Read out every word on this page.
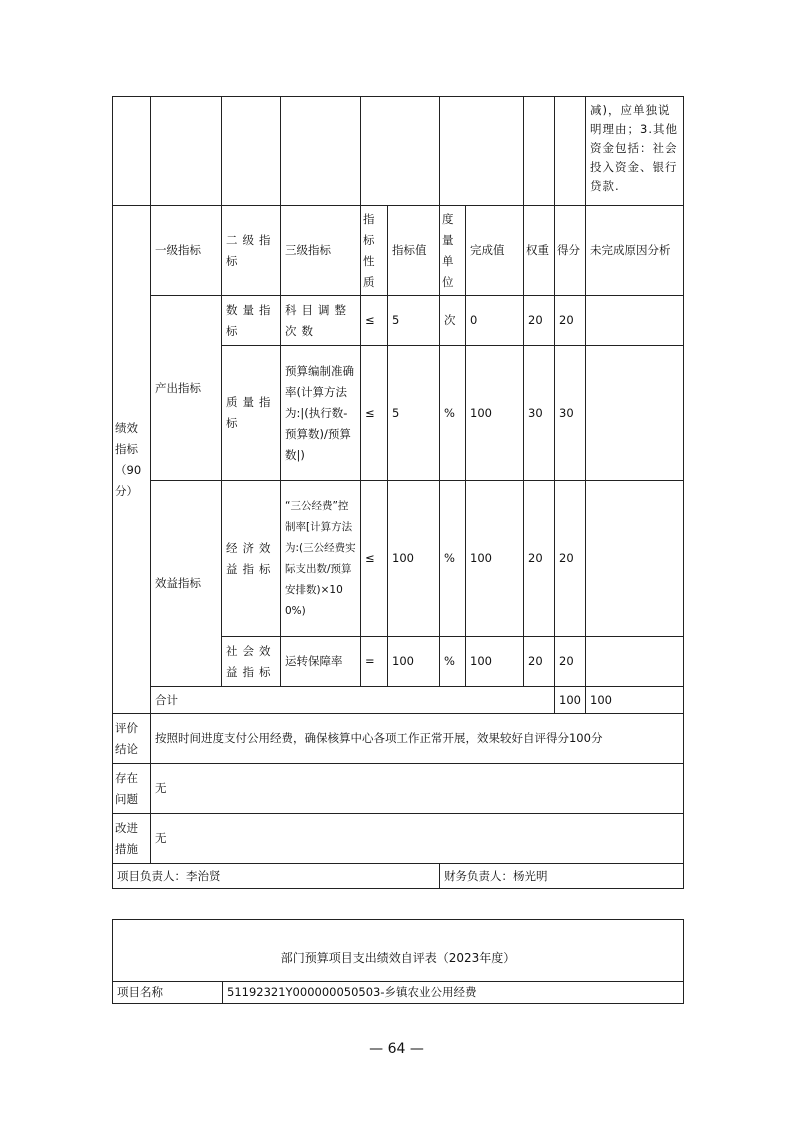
										减)，应单独说明理由；3.其他资金包括：社会投入资金、银行贷款.	
绩效指标（90分）	一级指标	二级指标	三级指标	指标性质	指标值	度量单位	完成值	权重	得分	未完成原因分析	
	产出指标	数量指标	科目调整次数	≤	5	次	0	20	20		
		质量指标	预算编制准确率(计算方法为:|(执行数-预算数)/预算数|)	≤	5	%	100	30	30		
	效益指标	经济效益指标	“三公经费”控制率[计算方法为:(三公经费实际支出数/预算安排数)×100%)	≤	100	%	100	20	20		
		社会效益指标	运转保障率	=	100	%	100	20	20		
	合计								100	100	
评价结论	按照时间进度支付公用经费，确保核算中心各项工作正常开展，效果较好自评得分100分										
存在问题	无										
改进措施	无										
项目负责人：李治贤						财务负责人：杨光明					
部门预算项目支出绩效自评表（2023年度）
项目名称	51192321Y000000050503-乡镇农业公用经费
— 64 —
